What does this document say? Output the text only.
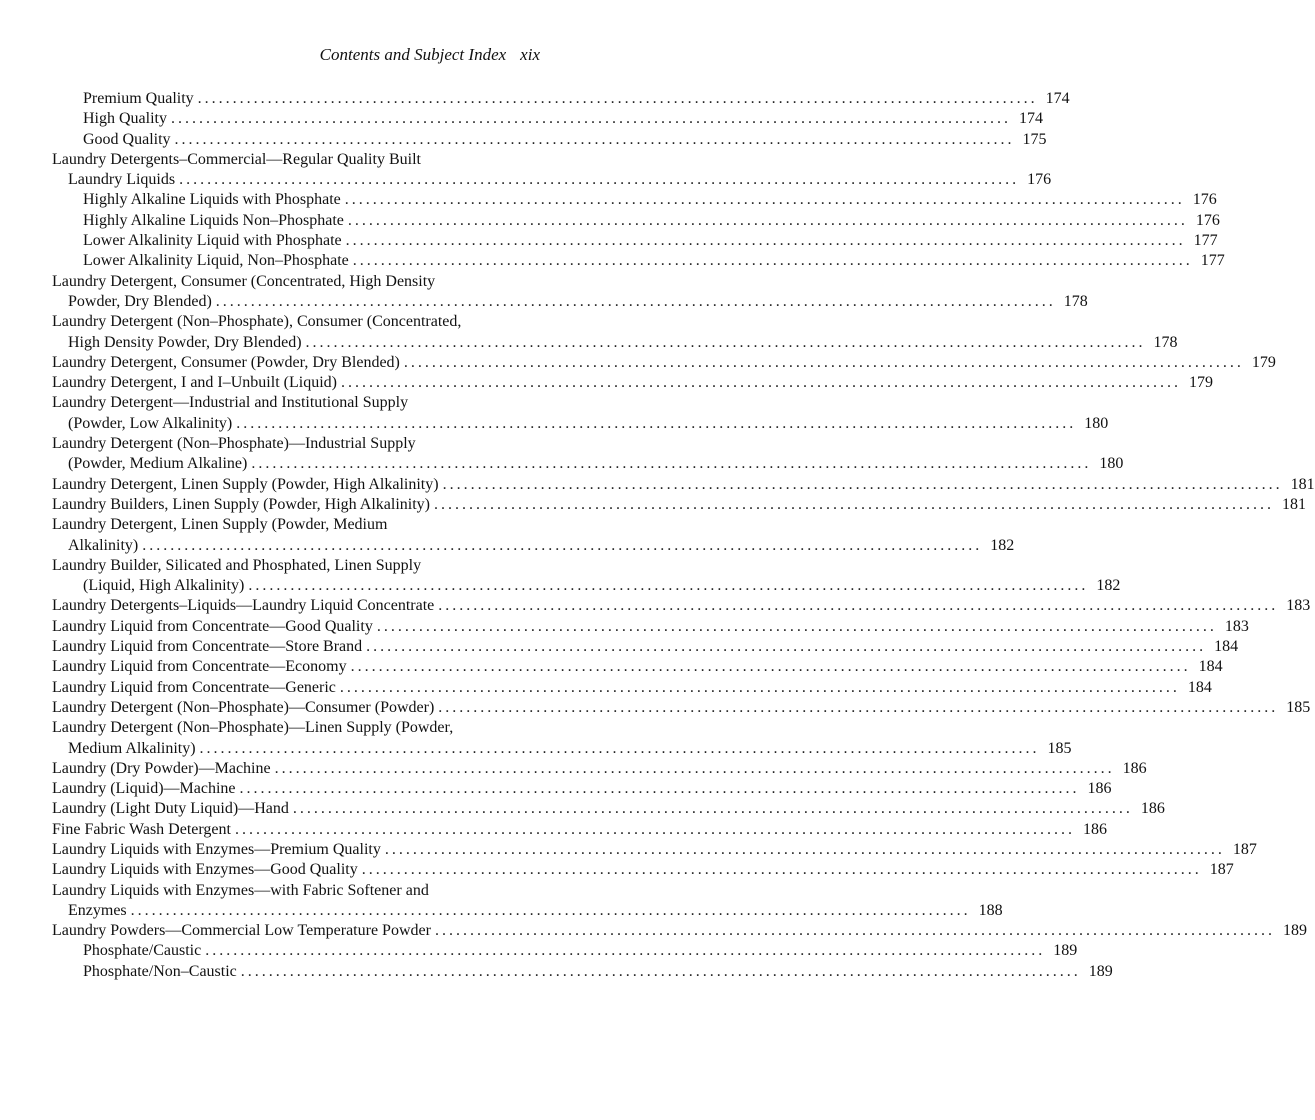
Contents and Subject Index xix
Premium Quality ........................................................................................................................ 174
High Quality ........................................................................................................................ 174
Good Quality ........................................................................................................................ 175
Laundry Detergents–Commercial—Regular Quality Built
Laundry Liquids ........................................................................................................................ 176
Highly Alkaline Liquids with Phosphate ........................................................................................................................ 176
Highly Alkaline Liquids Non–Phosphate ........................................................................................................................ 176
Lower Alkalinity Liquid with Phosphate ........................................................................................................................ 177
Lower Alkalinity Liquid, Non–Phosphate ........................................................................................................................ 177
Laundry Detergent, Consumer (Concentrated, High Density
Powder, Dry Blended) ........................................................................................................................ 178
Laundry Detergent (Non–Phosphate), Consumer (Concentrated,
High Density Powder, Dry Blended) ........................................................................................................................ 178
Laundry Detergent, Consumer (Powder, Dry Blended) ........................................................................................................................ 179
Laundry Detergent, I and I–Unbuilt (Liquid) ........................................................................................................................ 179
Laundry Detergent—Industrial and Institutional Supply
(Powder, Low Alkalinity) ........................................................................................................................ 180
Laundry Detergent (Non–Phosphate)—Industrial Supply
(Powder, Medium Alkaline) ........................................................................................................................ 180
Laundry Detergent, Linen Supply (Powder, High Alkalinity) ........................................................................................................................ 181
Laundry Builders, Linen Supply (Powder, High Alkalinity) ........................................................................................................................ 181
Laundry Detergent, Linen Supply (Powder, Medium
Alkalinity) ........................................................................................................................ 182
Laundry Builder, Silicated and Phosphated, Linen Supply
(Liquid, High Alkalinity) ........................................................................................................................ 182
Laundry Detergents–Liquids—Laundry Liquid Concentrate ........................................................................................................................ 183
Laundry Liquid from Concentrate—Good Quality ........................................................................................................................ 183
Laundry Liquid from Concentrate—Store Brand ........................................................................................................................ 184
Laundry Liquid from Concentrate—Economy ........................................................................................................................ 184
Laundry Liquid from Concentrate—Generic ........................................................................................................................ 184
Laundry Detergent (Non–Phosphate)—Consumer (Powder) ........................................................................................................................ 185
Laundry Detergent (Non–Phosphate)—Linen Supply (Powder,
Medium Alkalinity) ........................................................................................................................ 185
Laundry (Dry Powder)—Machine ........................................................................................................................ 186
Laundry (Liquid)—Machine ........................................................................................................................ 186
Laundry (Light Duty Liquid)—Hand ........................................................................................................................ 186
Fine Fabric Wash Detergent ........................................................................................................................ 186
Laundry Liquids with Enzymes—Premium Quality ........................................................................................................................ 187
Laundry Liquids with Enzymes—Good Quality ........................................................................................................................ 187
Laundry Liquids with Enzymes—with Fabric Softener and
Enzymes ........................................................................................................................ 188
Laundry Powders—Commercial Low Temperature Powder ........................................................................................................................ 189
Phosphate/Caustic ........................................................................................................................ 189
Phosphate/Non–Caustic ........................................................................................................................ 189
